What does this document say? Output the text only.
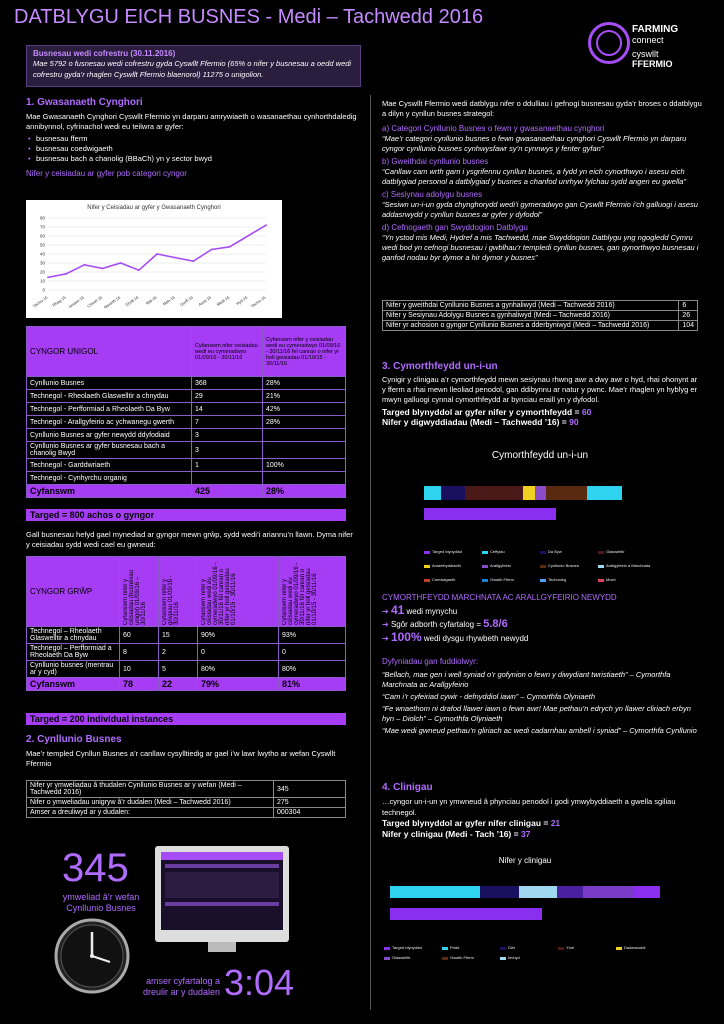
DATBLYGU EICH BUSNES - Medi – Tachwedd 2016
FARMING
connect
cyswllt
FFERMIO
Busnesau wedi cofrestru (30.11.2016)
Mae 5792 o fusnesau wedi cofrestru gyda Cyswllt Ffermio (65% o nifer y busnesau a oedd wedi cofrestru gyda’r rhaglen Cyswllt Ffermio blaenorol) 11275 o unigolion.
1. Gwasanaeth Cynghori
Mae Gwasanaeth Cynghori Cyswllt Ffermio yn darparu amrywiaeth o wasanaethau cynhorthdaledig annibynnol, cyfrinachol wedi eu teilwra ar gyfer:
• busnesau fferm
• busnesau coedwigaeth
• busnesau bach a chanolig (BBaCh) yn y sector bwyd
Nifer y ceisiadau ar gyfer pob categori cyngor
Nifer y Ceisiadau ar gyfer y Gwasanaeth Cynghori
0
10
20
30
40
50
60
70
80
Tachw-15 Rhag-15 Ionawr-16 Chwef-16 Mawrth-16 Ebrill-16 Mai-16 Meh-16 Gorff-16 Awst-16 Medi-16 Hyd-16 Tachw-16
CYNGOR UNIGOL	Cyfanswm nifer ceisiadau wedi eu cymeradwyo 01/09/16 - 30/11/16	Cyfanswm nifer y ceisiadau wedi eu cymeradwyo 01/09/16 - 30/11/16 fel canran o nifer yr holl geisiadau 01/10/15 - 30/11/16
Cynllunio Busnes	368	28%
Technegol - Rheolaeth Glaswelltir a chnydau	29	21%
Technegol - Perfformiad a Rheolaeth Da Byw	14	42%
Technegol - Arallgyfeirio ac ychwanegu gwerth	7	28%
Cynllunio Busnes ar gyfer newydd ddyfodiaid	3	
Cynllunio Busnes ar gyfer busnesau bach a chanolig Bwyd	3	
Technegol - Garddwriaeth	1	100%
Technegol - Cynhyrchu organig		
Cyfanswm	425	28%
Targed = 800 achos o gyngor
Gall busnesau hefyd gael mynediad ar gyngor mewn grŵp, sydd wedi’i ariannu’n llawn. Dyma nifer y ceisiadau sydd wedi cael eu gwneud:
CYNGOR GRŴP	Cyfanswm nifer y ceisiadau (busnesau unigol) 01/09/16 – 30/11/16	Cyfanswm nifer y grwpiau 01/09/16 - 30/11/16	Cyfanswm nifer y ceisiadau wedi eu cymeradwyo 01/09/16 - 30/11/16 fel canran o nifer yr holl geisiadau 01/10/15 - 30/11/16	Cyfanswm nifer y ceisiadau wedi eu cymeradwyo 01/09/16 - 30/11/16 fel canran o nifer yr holl geisiadau 01/10/15 - 30/11/16

Technegol – Rheolaeth Glaswelltir a chnydau	60	15	90%	93%
Technegol – Perfformiad a Rheolaeth Da Byw	8	2	0	0
Cynllunio busnes (mentrau ar y cyd)	10	5	80%	80%
Cyfanswm	78	22	79%	81%
Targed = 200 individual instances
2. Cynllunio Busnes
Mae’r templed Cynllun Busnes a’r canllaw cysylltiedig ar gael i’w lawr lwytho ar wefan Cyswllt Ffermio
Nifer yr ymweliadau â thudalen Cynllunio Busnes ar y wefan (Medi – Tachwedd 2016)	345
Nifer o ymweliadau unigryw â’r dudalen (Medi – Tachwedd 2016)	275
Amser a dreuliwyd ar y dudalen:	000304
345
ymweliad â’r wefan
Cynllunio Busnes
amser cyfartalog a
dreulir ar y dudalen 3:04
Mae Cyswllt Ffermio wedi datblygu nifer o ddulliau i gefnogi busnesau gyda’r broses o ddatblygu a dilyn y cynllun busnes strategol:
a) Categori Cynllunio Busnes o fewn y gwasanaethau cynghori
“Mae’r categori cynllunio busnes o fewn gwasanaethau cynghori Cyswllt Ffermio yn darparu cyngor cynllunio busnes cynhwysfawr sy’n cynnwys y fenter gyfan”
b) Gweithdai cynllunio busnes
“Canllaw cam wrth gam i ysgrifennu cynllun busnes, a fydd yn eich cynorthwyo i asesu eich datblygiad personol a datblygiad y busnes a chanfod unrhyw fylchau sydd angen eu gwella”
c) Sesiynau adolygu busnes
“Sesiwn un-i-un gyda chynghorydd wedi’i gymeradwyo gan Cyswllt Ffermio i’ch galluogi i asesu addasrwydd y cynllun busnes ar gyfer y dyfodol”
d) Cefnogaeth gan Swyddogion Datblygu
“Yn ystod mis Medi, Hydref a mis Tachwedd, mae Swyddogion Datblygu yng ngogledd Cymru wedi bod yn cefnogi busnesau i gwblhau’r templedi cynllun busnes, gan gynorthwyo busnesau i ganfod nodau byr dymor a hir dymor y busnes”
Nifer y gweithdai Cynllunio Busnes a gynhaliwyd (Medi – Tachwedd 2016)	6
Nifer y Sesiynau Adolygu Busnes a gynhaliwyd (Medi – Tachwedd 2016)	26
Nifer yr achosion o gyngor Cynllunio Busnes a dderbyniwyd (Medi – Tachwedd 2016)	104
3. Cymorthfeydd un-i-un
Cynigir y clinigau a’r cymorthfeydd mewn sesiynau rhwng awr a dwy awr o hyd, rhai ohonynt ar y fferm a rhai mewn lleoliad penodol, gan ddibynnu ar natur y pwnc. Mae’r rhaglen yn hyblyg er mwyn galluogi cynnal cymorthfeydd ar bynciau eraill yn y dyfodol.
Targed blynyddol ar gyfer nifer y cymorthfeydd = 60
Nifer y digwyddiadau (Medi – Tachwedd ’16) = 90
Cymorthfeydd un-i-un
Targed blynyddol	Ceffylau	Da Byw	GlaswelltirAmaethyddiaeth	Arallgyfeirio	Cynllunio Busnes	Arallgyfeirio a MarchnataCoedwigaeth	Gwaith Fferm	Technoleg	Moch
CYMORTHFEYDD MARCHNATA AC ARALLGYFEIRIO NEWYDD
➔ 41 wedi mynychu
➔ Sgôr adborth cyfartalog = 5.8/6
➔ 100% wedi dysgu rhywbeth newydd
Dyfyniadau gan fuddiolwyr:
“Bellach, mae gen i well syniad o’r gofynion o fewn y diwydiant twristiaeth” – Cymorthfa Marchnata ac Arallgyfeirio
“Cam i’r cyfeiriad cywir - defnyddiol iawn” – Cymorthfa Olyniaeth
“Fe wnaethom ni drafod llawer iawn o fewn awr! Mae pethau’n edrych yn llawer cliriach erbyn hyn – Diolch” – Cymorthfa Olyniaeth
“Mae wedi gwneud pethau’n gliriach ac wedi cadarnhau ambell i syniad” – Cymorthfa Cynllunio
4. Clinigau
…cyngor un-i-un yn ymwneud â phynciau penodol i godi ymwybyddiaeth a gwella sgiliau technegol.
Targed blynyddol ar gyfer nifer clinigau = 21
Nifer y clinigau (Medi - Tach ’16) = 37
Nifer y clinigau
Targed blynyddol	Pridd	Dŵr	Ynni	DadansoddiGlaswelltir	Gwaith Fferm	Iechyd
